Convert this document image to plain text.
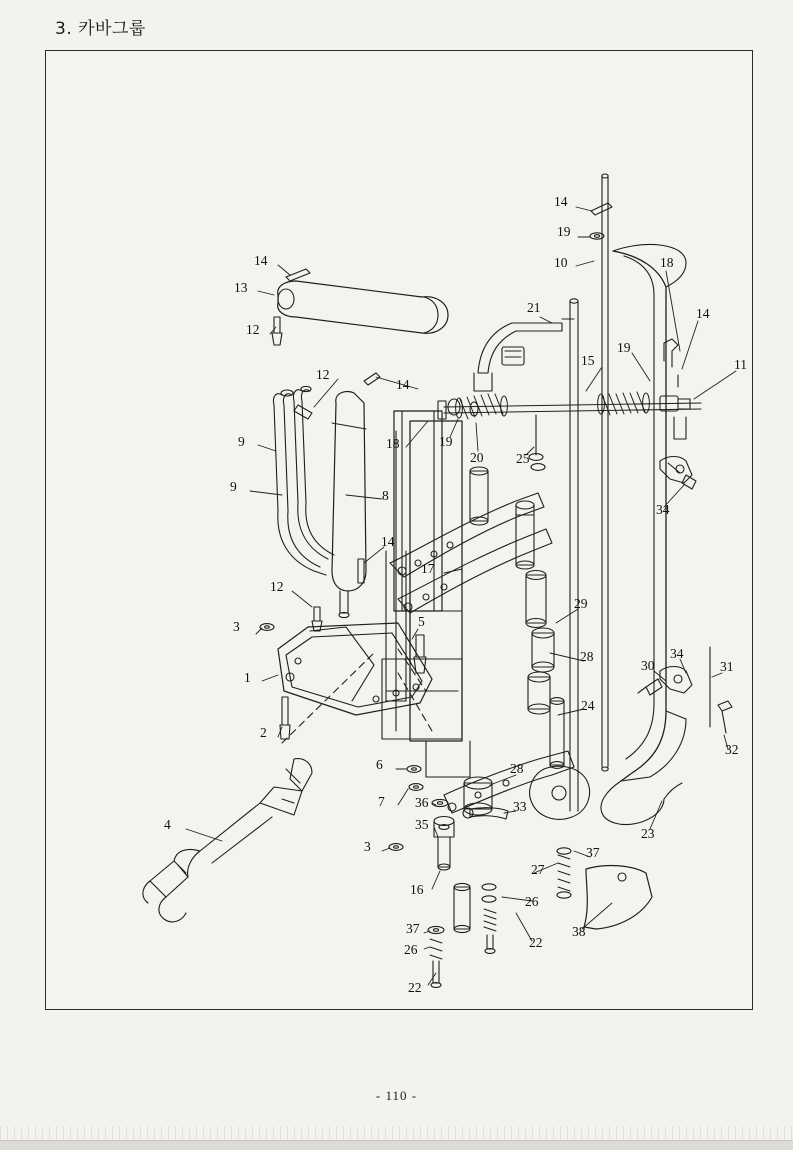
3. 카바그룹
1
2
3
3
4
5
6
7
8
9
9
10
11
12
12
12
13
14
14
14
14
14
15
16
17
18
18
19
19
19
20
21
22
22
23
24
25
26
26
27
28
28
29
30	31
32
33
34
34
35
36
37
37	38
- 110 -
